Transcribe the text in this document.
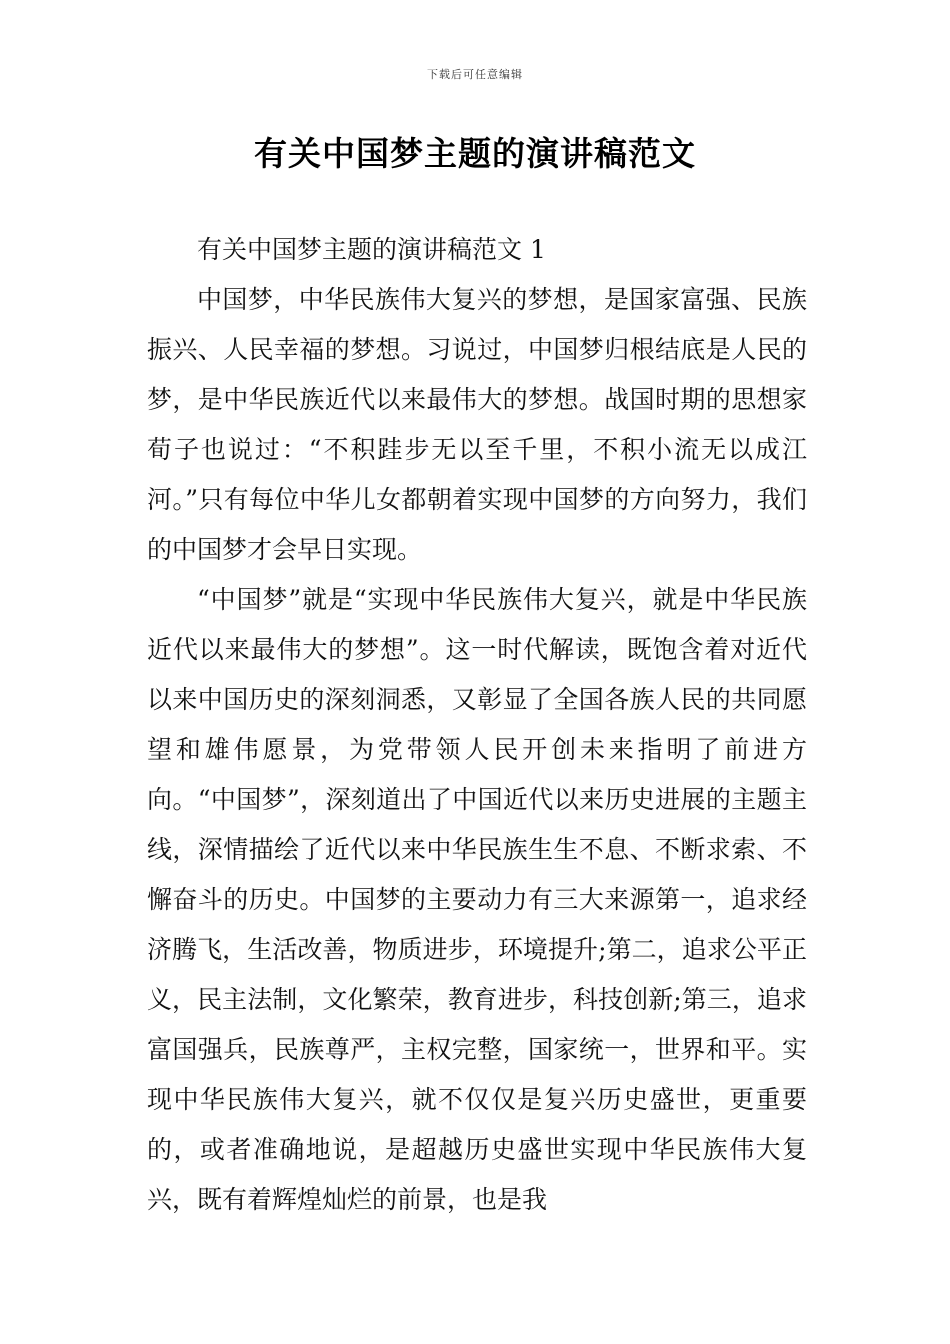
下载后可任意编辑
有关中国梦主题的演讲稿范文

有关中国梦主题的演讲稿范文 1

中国梦，中华民族伟大复兴的梦想，是国家富强、民族振兴、人民幸福的梦想。习说过，中国梦归根结底是人民的梦，是中华民族近代以来最伟大的梦想。战国时期的思想家荀子也说过：“不积跬步无以至千里，不积小流无以成江河。”只有每位中华儿女都朝着实现中国梦的方向努力，我们的中国梦才会早日实现。

“中国梦”就是“实现中华民族伟大复兴，就是中华民族近代以来最伟大的梦想”。这一时代解读，既饱含着对近代以来中国历史的深刻洞悉，又彰显了全国各族人民的共同愿望和雄伟愿景，为党带领人民开创未来指明了前进方向。“中国梦”，深刻道出了中国近代以来历史进展的主题主线，深情描绘了近代以来中华民族生生不息、不断求索、不懈奋斗的历史。中国梦的主要动力有三大来源第一，追求经济腾飞，生活改善，物质进步，环境提升;第二，追求公平正义，民主法制，文化繁荣，教育进步，科技创新;第三，追求富国强兵，民族尊严，主权完整，国家统一，世界和平。实现中华民族伟大复兴，就不仅仅是复兴历史盛世，更重要的，或者准确地说，是超越历史盛世实现中华民族伟大复兴，既有着辉煌灿烂的前景，也是我
